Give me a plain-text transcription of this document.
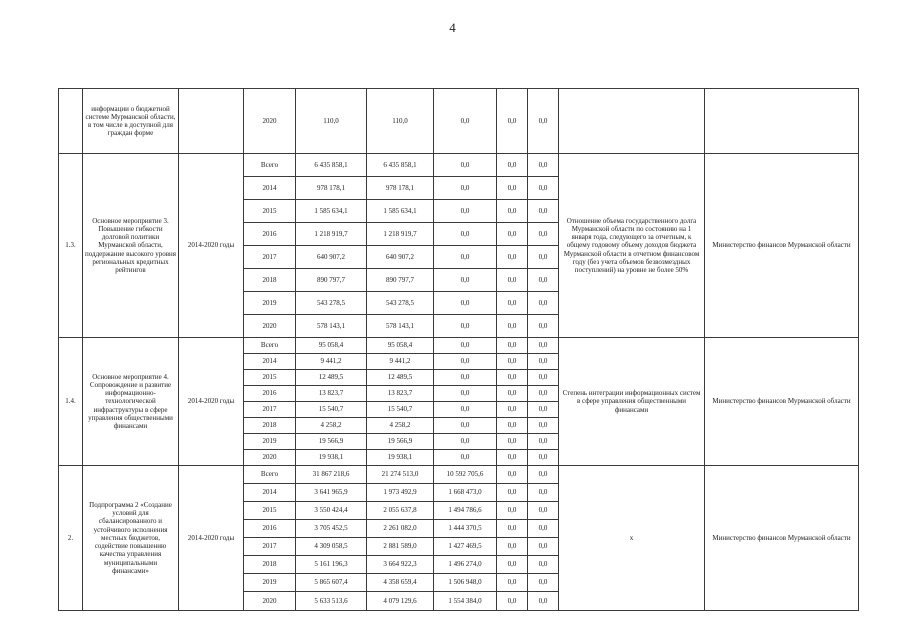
4
	информации о бюджетной системе Мурманской области, в том числе в доступной для граждан форме		2020	110,0	110,0	0,0	0,0	0,0		
1.3.	Основное мероприятие 3. Повышение гибкости долговой политики Мурманской области, поддержание высокого уровня региональных кредитных рейтингов	2014-2020 годы	Всего	6 435 858,1	6 435 858,1	0,0	0,0	0,0	Отношение объема государственного долга Мурманской области по состоянию на 1 января года, следующего за отчетным, к общему годовому объему доходов бюджета Мурманской области в отчетном финансовом году (без учета объемов безвозмездных поступлений) на уровне не более 50%	Министерство финансов Мурманской области
			2014	978 178,1	978 178,1	0,0	0,0	0,0		
			2015	1 585 634,1	1 585 634,1	0,0	0,0	0,0		
			2016	1 218 919,7	1 218 919,7	0,0	0,0	0,0		
			2017	640 907,2	640 907,2	0,0	0,0	0,0		
			2018	890 797,7	890 797,7	0,0	0,0	0,0		
			2019	543 278,5	543 278,5	0,0	0,0	0,0		
			2020	578 143,1	578 143,1	0,0	0,0	0,0		
1.4.	Основное мероприятие 4. Сопровождение и развитие информационно-технологической инфраструктуры в сфере управления общественными финансами	2014-2020 годы	Всего	95 058,4	95 058,4	0,0	0,0	0,0	Степень интеграции информационных систем в сфере управления общественными финансами	Министерство финансов Мурманской области
			2014	9 441,2	9 441,2	0,0	0,0	0,0		
			2015	12 489,5	12 489,5	0,0	0,0	0,0		
			2016	13 823,7	13 823,7	0,0	0,0	0,0		
			2017	15 540,7	15 540,7	0,0	0,0	0,0		
			2018	4 258,2	4 258,2	0,0	0,0	0,0		
			2019	19 566,9	19 566,9	0,0	0,0	0,0		
			2020	19 938,1	19 938,1	0,0	0,0	0,0		
2.	Подпрограмма 2 «Создание условий для сбалансированного и устойчивого исполнения местных бюджетов, содействие повышению качества управления муниципальными финансами»	2014-2020 годы	Всего	31 867 218,6	21 274 513,0	10 592 705,6	0,0	0,0	х	Министерство финансов Мурманской области
			2014	3 641 965,9	1 973 492,9	1 668 473,0	0,0	0,0		
			2015	3 550 424,4	2 055 637,8	1 494 786,6	0,0	0,0		
			2016	3 705 452,5	2 261 082,0	1 444 370,5	0,0	0,0		
			2017	4 309 058,5	2 881 589,0	1 427 469,5	0,0	0,0		
			2018	5 161 196,3	3 664 922,3	1 496 274,0	0,0	0,0		
			2019	5 865 607,4	4 358 659,4	1 506 948,0	0,0	0,0		
			2020	5 633 513,6	4 079 129,6	1 554 384,0	0,0	0,0		
